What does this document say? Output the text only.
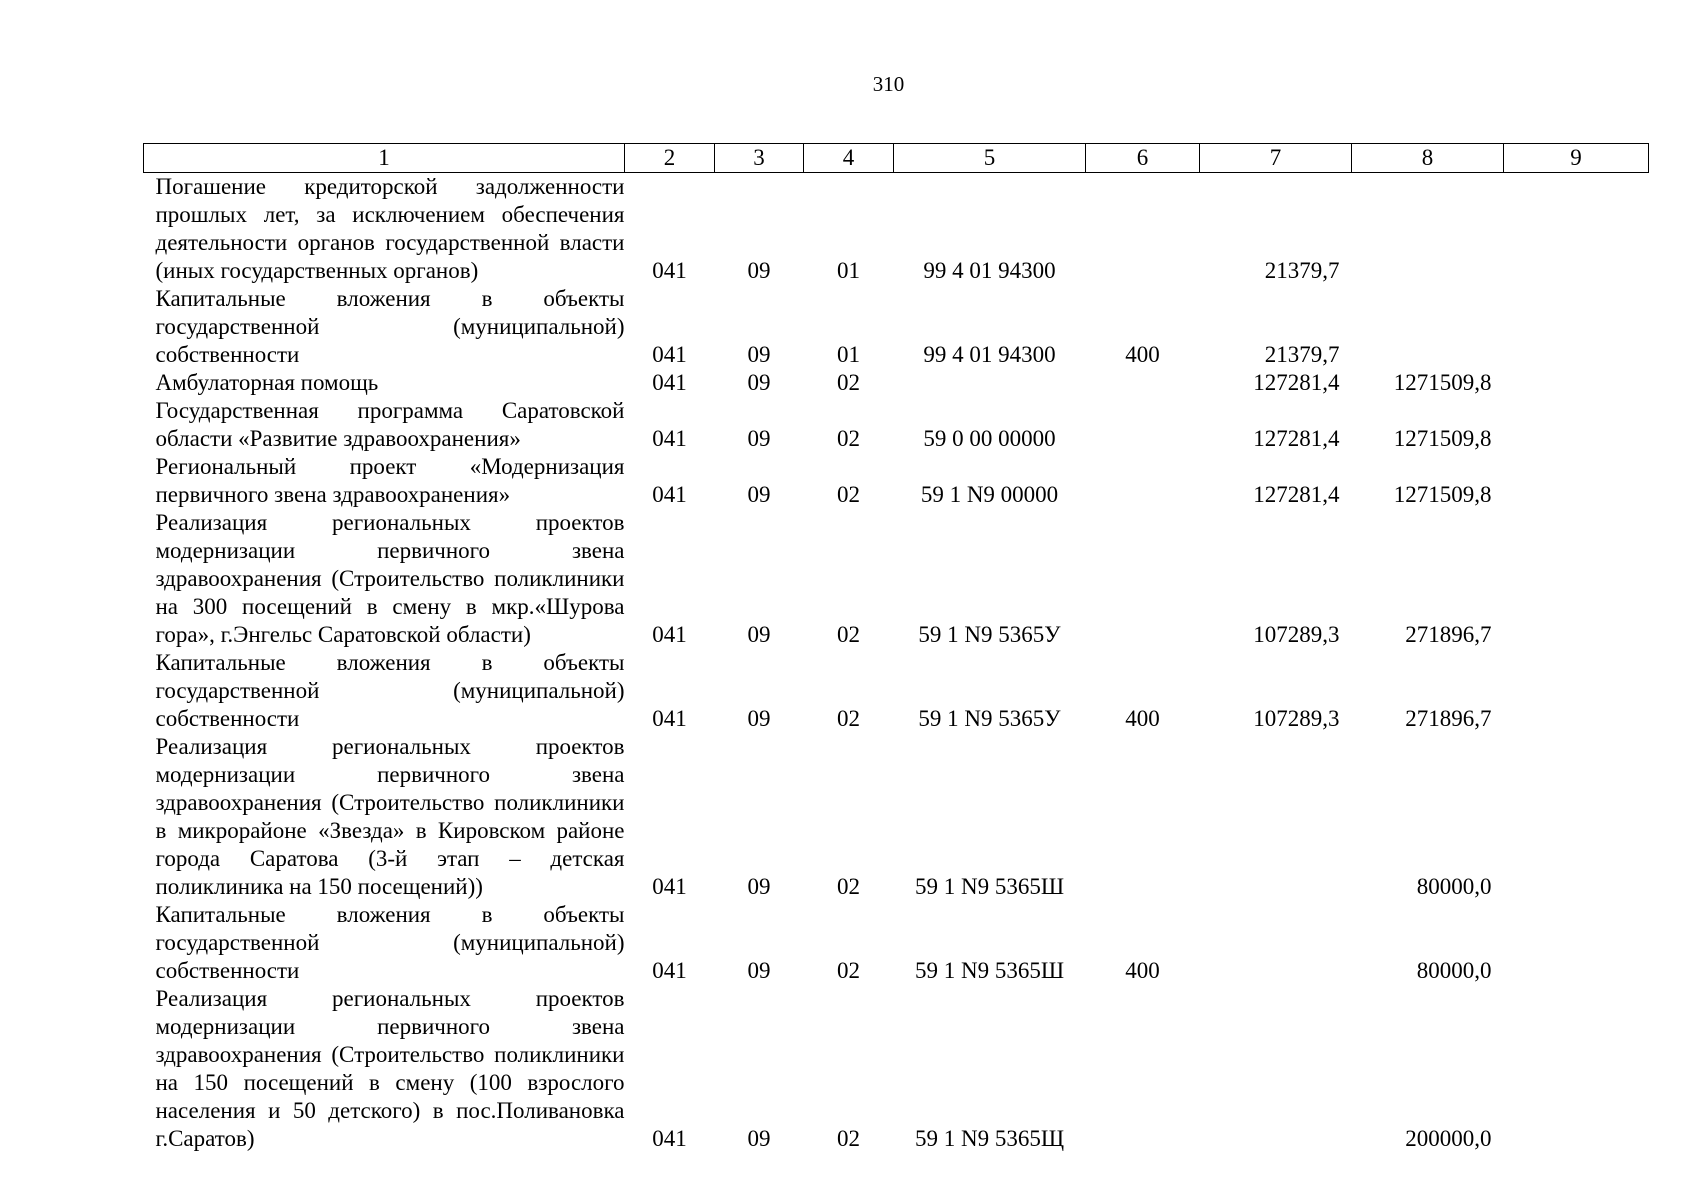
310
1	2	3	4	5	6	7	8	9
Погашение кредиторской задолженности прошлых лет, за исключением обеспечения деятельности органов государственной власти (иных государственных органов)	041	09	01	99 4 01 94300		21379,7		
Капитальные вложения в объекты государственной (муниципальной) собственности	041	09	01	99 4 01 94300	400	21379,7		
Амбулаторная помощь	041	09	02			127281,4	1271509,8	
Государственная программа Саратовской области «Развитие здравоохранения»	041	09	02	59 0 00 00000		127281,4	1271509,8	
Региональный проект «Модернизация первичного звена здравоохранения»	041	09	02	59 1 N9 00000		127281,4	1271509,8	
Реализация региональных проектов модернизации первичного звена здравоохранения (Строительство поликлиники на 300 посещений в смену в мкр.«Шурова гора», г.Энгельс Саратовской области)	041	09	02	59 1 N9 5365У		107289,3	271896,7	
Капитальные вложения в объекты государственной (муниципальной) собственности	041	09	02	59 1 N9 5365У	400	107289,3	271896,7	
Реализация региональных проектов модернизации первичного звена здравоохранения (Строительство поликлиники в микрорайоне «Звезда» в Кировском районе города Саратова (3-й этап – детская поликлиника на 150 посещений))	041	09	02	59 1 N9 5365Ш			80000,0	
Капитальные вложения в объекты государственной (муниципальной) собственности	041	09	02	59 1 N9 5365Ш	400		80000,0	
Реализация региональных проектов модернизации первичного звена здравоохранения (Строительство поликлиники на 150 посещений в смену (100 взрослого населения и 50 детского) в пос.Поливановка г.Саратов)	041	09	02	59 1 N9 5365Щ			200000,0	
